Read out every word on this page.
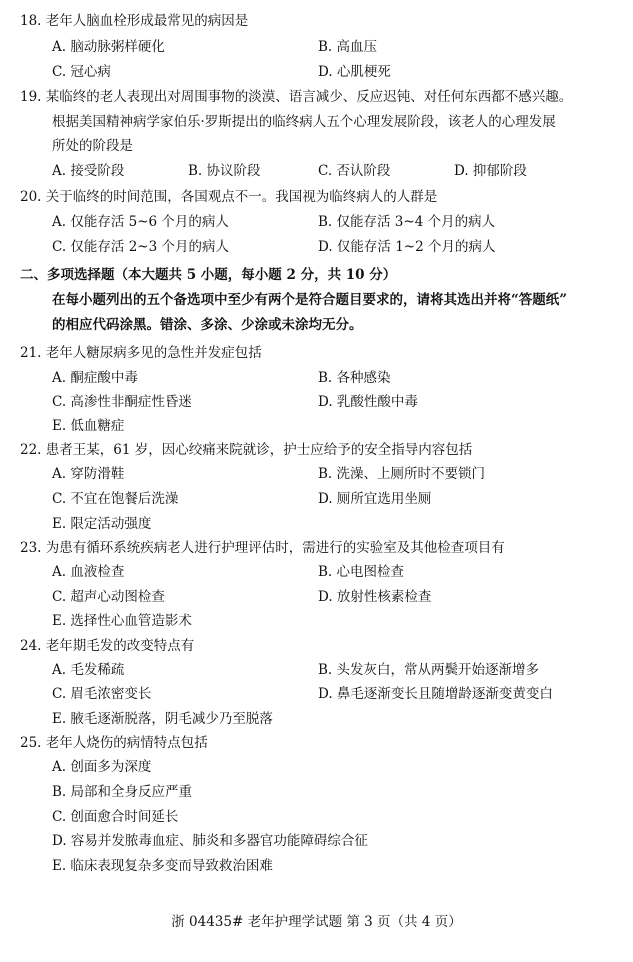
18. 老年人脑血栓形成最常见的病因是
A. 脑动脉粥样硬化	B. 高血压
C. 冠心病	D. 心肌梗死
19. 某临终的老人表现出对周围事物的淡漠、语言减少、反应迟钝、对任何东西都不感兴趣。
根据美国精神病学家伯乐·罗斯提出的临终病人五个心理发展阶段，该老人的心理发展
所处的阶段是
A. 接受阶段	B. 协议阶段	C. 否认阶段	D. 抑郁阶段
20. 关于临终的时间范围，各国观点不一。我国视为临终病人的人群是
A. 仅能存活 5~6 个月的病人	B. 仅能存活 3~4 个月的病人
C. 仅能存活 2~3 个月的病人	D. 仅能存活 1~2 个月的病人
二、多项选择题（本大题共 5 小题，每小题 2 分，共 10 分）
在每小题列出的五个备选项中至少有两个是符合题目要求的，请将其选出并将“答题纸”
的相应代码涂黑。错涂、多涂、少涂或未涂均无分。
21. 老年人糖尿病多见的急性并发症包括
A. 酮症酸中毒	B. 各种感染
C. 高渗性非酮症性昏迷	D. 乳酸性酸中毒
E. 低血糖症
22. 患者王某，61 岁，因心绞痛来院就诊，护士应给予的安全指导内容包括
A. 穿防滑鞋	B. 洗澡、上厕所时不要锁门
C. 不宜在饱餐后洗澡	D. 厕所宜选用坐厕
E. 限定活动强度
23. 为患有循环系统疾病老人进行护理评估时，需进行的实验室及其他检查项目有
A. 血液检查	B. 心电图检查
C. 超声心动图检查	D. 放射性核素检查
E. 选择性心血管造影术
24. 老年期毛发的改变特点有
A. 毛发稀疏	B. 头发灰白，常从两鬓开始逐渐增多
C. 眉毛浓密变长	D. 鼻毛逐渐变长且随增龄逐渐变黄变白
E. 腋毛逐渐脱落，阴毛减少乃至脱落
25. 老年人烧伤的病情特点包括
A. 创面多为深度
B. 局部和全身反应严重
C. 创面愈合时间延长
D. 容易并发脓毒血症、肺炎和多器官功能障碍综合征
E. 临床表现复杂多变而导致救治困难
浙 04435# 老年护理学试题 第 3 页（共 4 页）
